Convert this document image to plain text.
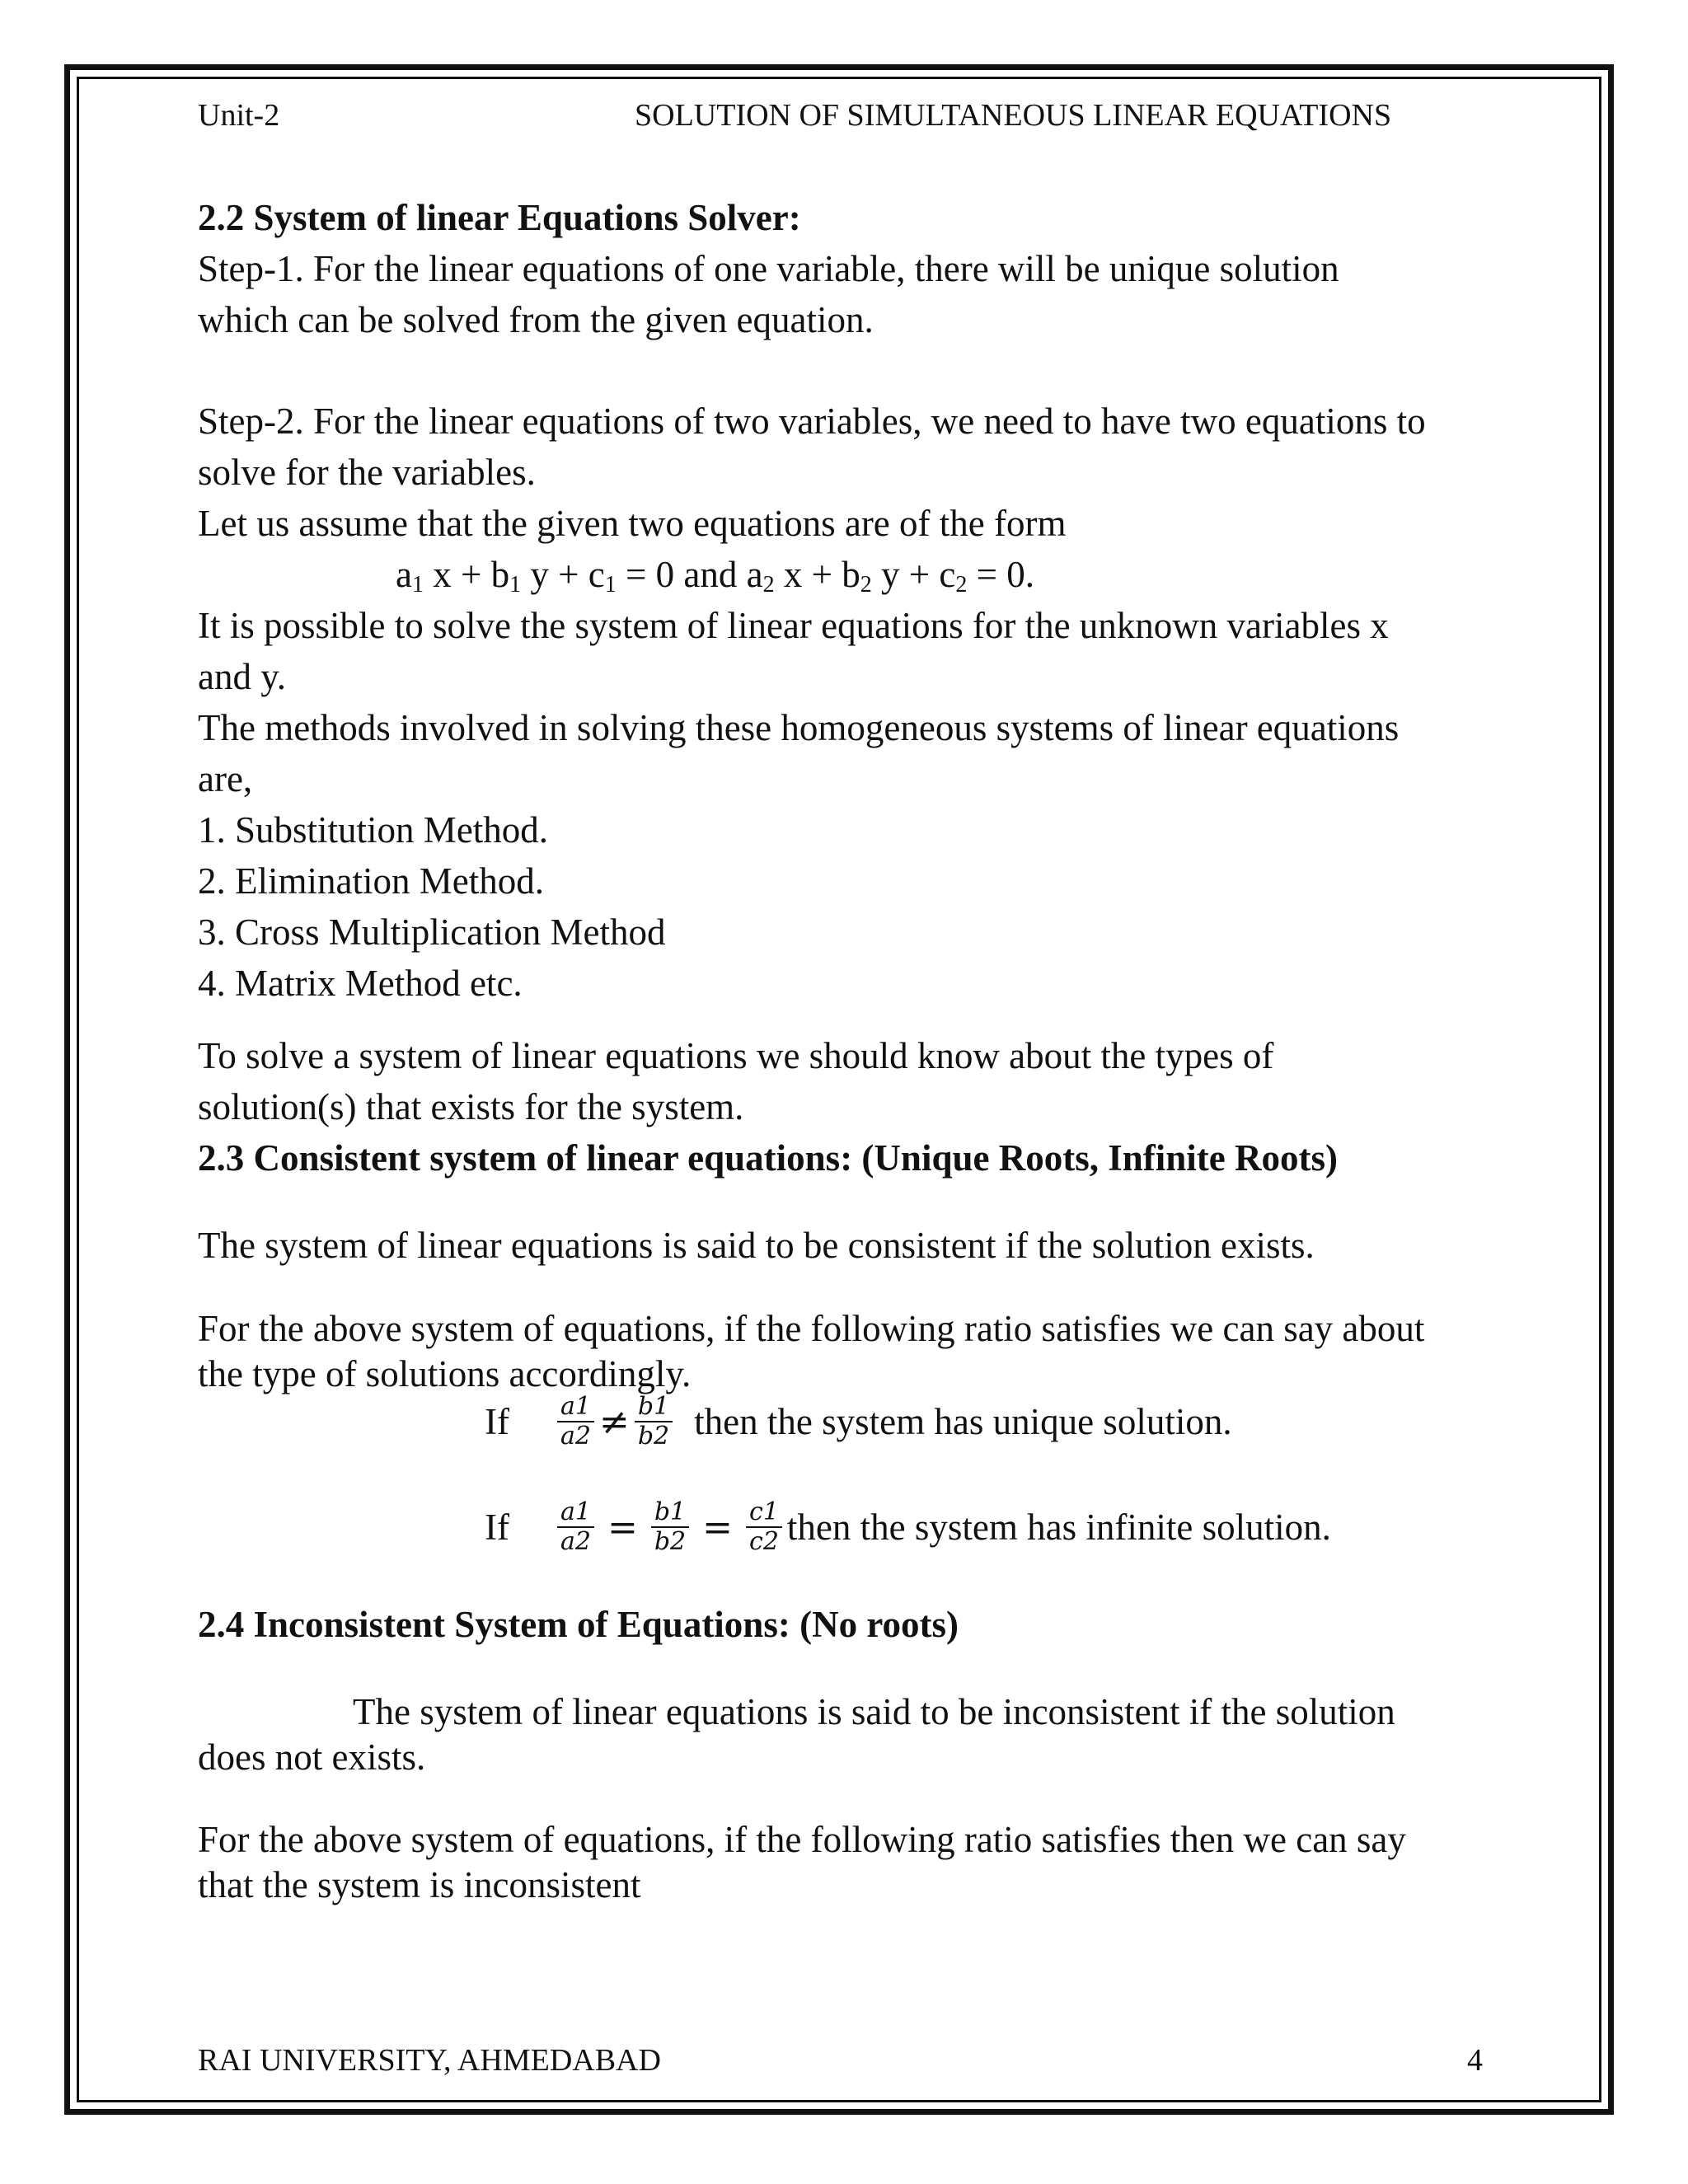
Unit-2	SOLUTION OF SIMULTANEOUS LINEAR EQUATIONS

2.2 System of linear Equations Solver:

Step-1. For the linear equations of one variable, there will be unique solution

which can be solved from the given equation.

Step-2. For the linear equations of two variables, we need to have two equations to

solve for the variables.

Let us assume that the given two equations are of the form

$a_1$ $x + b_1$ $y + c_1 = 0$ and $a_2$ $x + b_2$ $y + c_2 = 0$.

It is possible to solve the system of linear equations for the unknown variables x

and y.

The methods involved in solving these homogeneous systems of linear equations

are,

1. Substitution Method.

2. Elimination Method.

3. Cross Multiplication Method

4. Matrix Method etc.

To solve a system of linear equations we should know about the types of

solution(s) that exists for the system.

2.3 Consistent system of linear equations: (Unique Roots, Infinite Roots)

The system of linear equations is said to be consistent if the solution exists.

For the above system of equations, if the following ratio satisfies we can say about

the type of solutions accordingly.

If $\frac{a1}{a2} \ne \frac{b1}{b2}$ then the system has unique solution.
If $\frac{a1}{a2} = \frac{b1}{b2} = \frac{c1}{c2}$ then the system has infinite solution.

2.4 Inconsistent System of Equations: (No roots)

The system of linear equations is said to be inconsistent if the solution

does not exists.

For the above system of equations, if the following ratio satisfies then we can say

that the system is inconsistent

RAI UNIVERSITY, AHMEDABAD	4
